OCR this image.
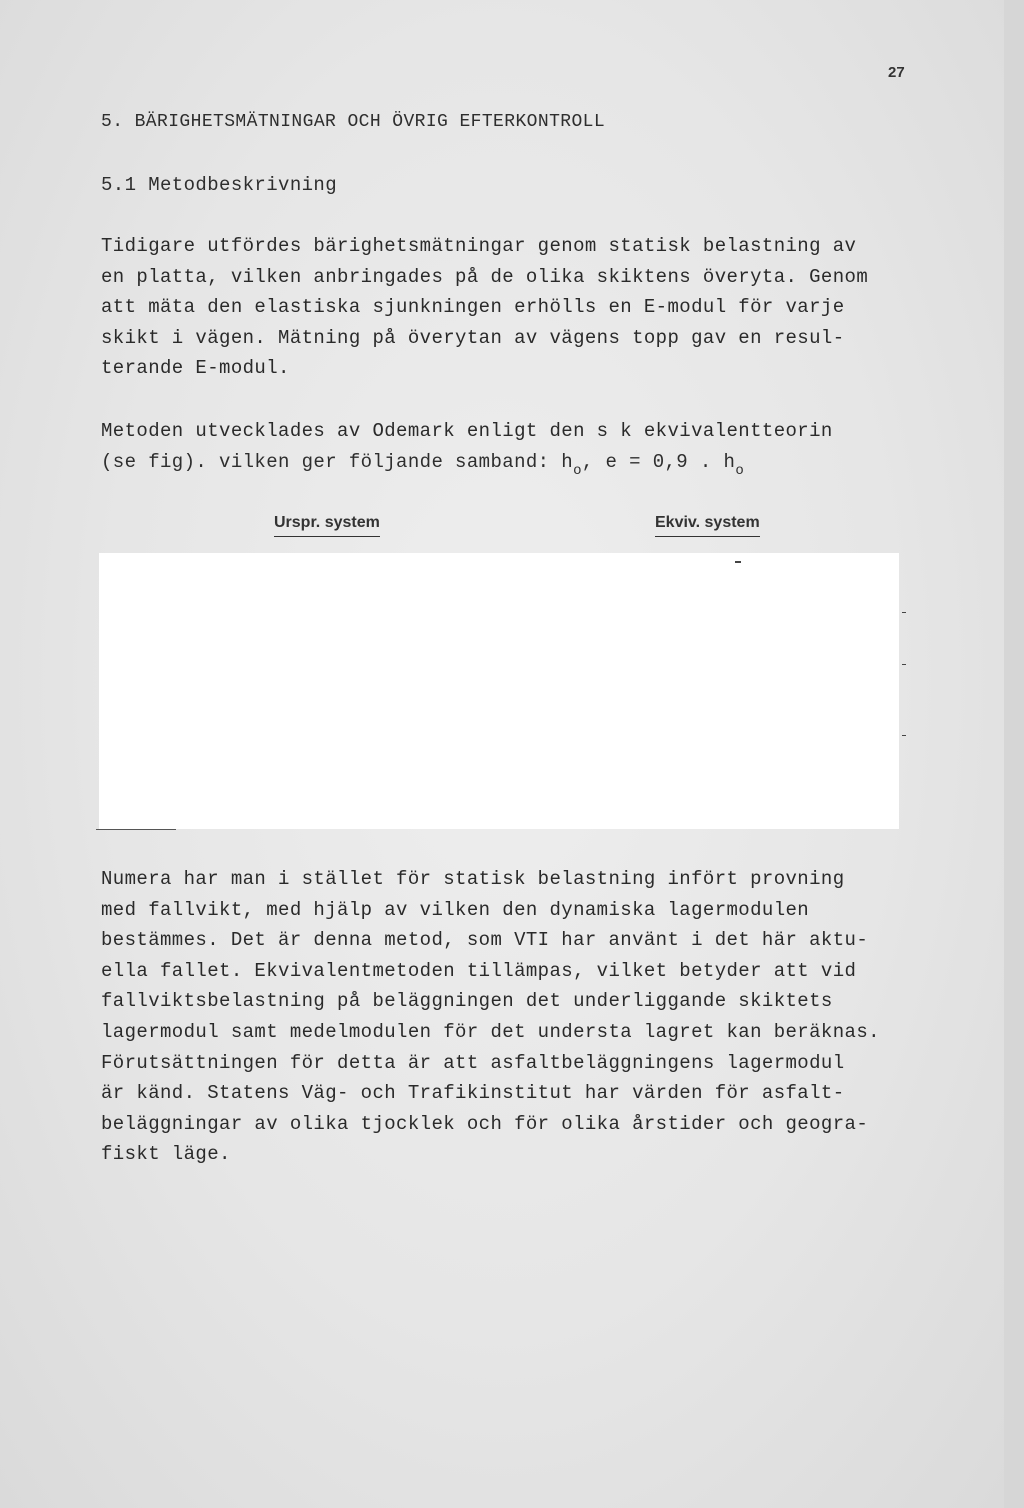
27
5. BÄRIGHETSMÄTNINGAR OCH ÖVRIG EFTERKONTROLL
5.1 Metodbeskrivning
Tidigare utfördes bärighetsmätningar genom statisk belastning av
en platta, vilken anbringades på de olika skiktens överyta. Genom
att mäta den elastiska sjunkningen erhölls en E-modul för varje
skikt i vägen. Mätning på överytan av vägens topp gav en resul-
terande E-modul.
Metoden utvecklades av Odemark enligt den s k ekvivalentteorin
(se fig). vilken ger följande samband: $h_o$, e = 0,9 . $h_o$
Urspr. system	Ekviv. system
Numera har man i stället för statisk belastning infört provning
med fallvikt, med hjälp av vilken den dynamiska lagermodulen
bestämmes. Det är denna metod, som VTI har använt i det här aktu-
ella fallet. Ekvivalentmetoden tillämpas, vilket betyder att vid
fallviktsbelastning på beläggningen det underliggande skiktets
lagermodul samt medelmodulen för det understa lagret kan beräknas.
Förutsättningen för detta är att asfaltbeläggningens lagermodul
är känd. Statens Väg- och Trafikinstitut har värden för asfalt-
beläggningar av olika tjocklek och för olika årstider och geogra-
fiskt läge.
